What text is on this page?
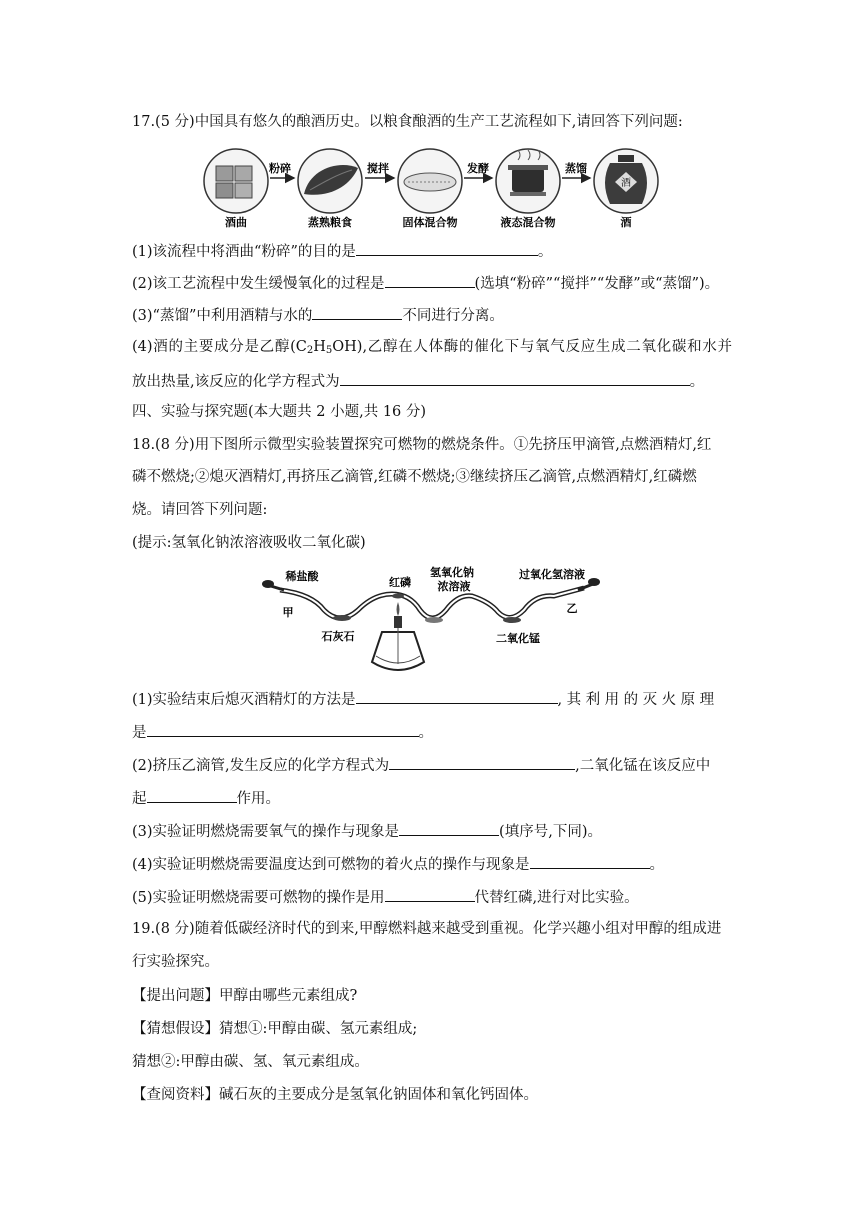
17.(5 分)中国具有悠久的酿酒历史。以粮食酿酒的生产工艺流程如下,请回答下列问题:
酒
粉碎	搅拌	发酵	蒸馏
酒曲	蒸熟粮食	固体混合物	液态混合物	酒
(1)该流程中将酒曲“粉碎”的目的是	。
(2)该工艺流程中发生缓慢氧化的过程是	(选填“粉碎”“搅拌”“发酵”或“蒸馏”)。
(3)“蒸馏”中利用酒精与水的	不同进行分离。
(4)酒的主要成分是乙醇$(C_2H_5OH)$,乙醇在人体酶的催化下与氧气反应生成二氧化碳和水并
放出热量,该反应的化学方程式为	。
四、实验与探究题(本大题共 2 小题,共 16 分)
18.(8 分)用下图所示微型实验装置探究可燃物的燃烧条件。①先挤压甲滴管,点燃酒精灯,红
磷不燃烧;②熄灭酒精灯,再挤压乙滴管,红磷不燃烧;③继续挤压乙滴管,点燃酒精灯,红磷燃
烧。请回答下列问题:
(提示:氢氧化钠浓溶液吸收二氧化碳)
稀盐酸
甲
石灰石
红磷
氢氧化钠
浓溶液
过氧化氢溶液
乙
二氧化锰
(1)实验结束后熄灭酒精灯的方法是	,其利用的灭火原理
是	。
(2)挤压乙滴管,发生反应的化学方程式为	,二氧化锰在该反应中
起	作用。
(3)实验证明燃烧需要氧气的操作与现象是	(填序号,下同)。
(4)实验证明燃烧需要温度达到可燃物的着火点的操作与现象是	。
(5)实验证明燃烧需要可燃物的操作是用	代替红磷,进行对比实验。
19.(8 分)随着低碳经济时代的到来,甲醇燃料越来越受到重视。化学兴趣小组对甲醇的组成进
行实验探究。
【提出问题】甲醇由哪些元素组成?
【猜想假设】猜想①:甲醇由碳、氢元素组成;
猜想②:甲醇由碳、氢、氧元素组成。
【查阅资料】碱石灰的主要成分是氢氧化钠固体和氧化钙固体。
